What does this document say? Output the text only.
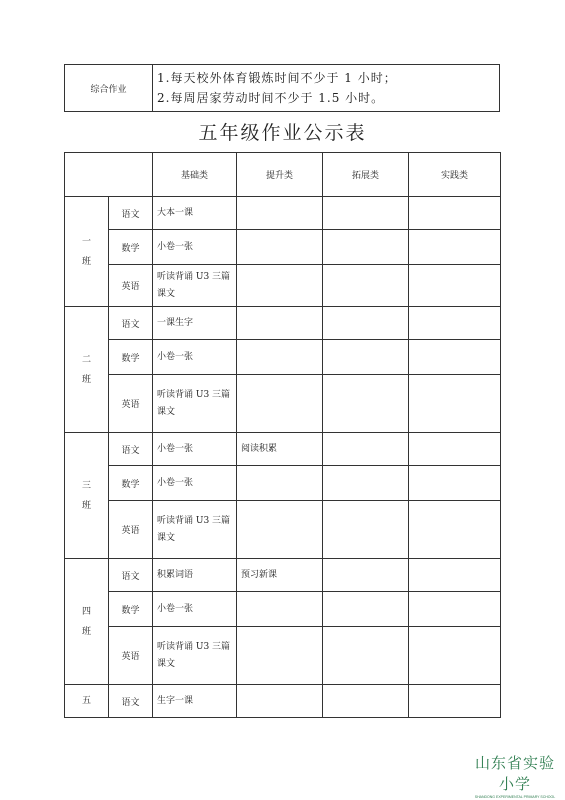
综合作业	
1.每天校外体育锻炼时间不少于 1 小时；
2.每周居家劳动时间不少于 1.5 小时。
五年级作业公示表
		基础类	提升类	拓展类	实践类

一
班	语文	大本一课			
	数学	小卷一张			
	英语	听读背诵 U3 三篇课文			

二
班	语文	一课生字			
	数学	小卷一张			
	英语	听读背诵 U3 三篇课文			

三
班	语文	小卷一张	阅读积累		
	数学	小卷一张			
	英语	听读背诵 U3 三篇课文			

四
班	语文	积累词语	预习新课		
	数学	小卷一张			
	英语	听读背诵 U3 三篇课文			

五	语文	生字一课			
山东省实验小学
SHANDONG EXPERIMENTAL PRIMARY SCHOOL
